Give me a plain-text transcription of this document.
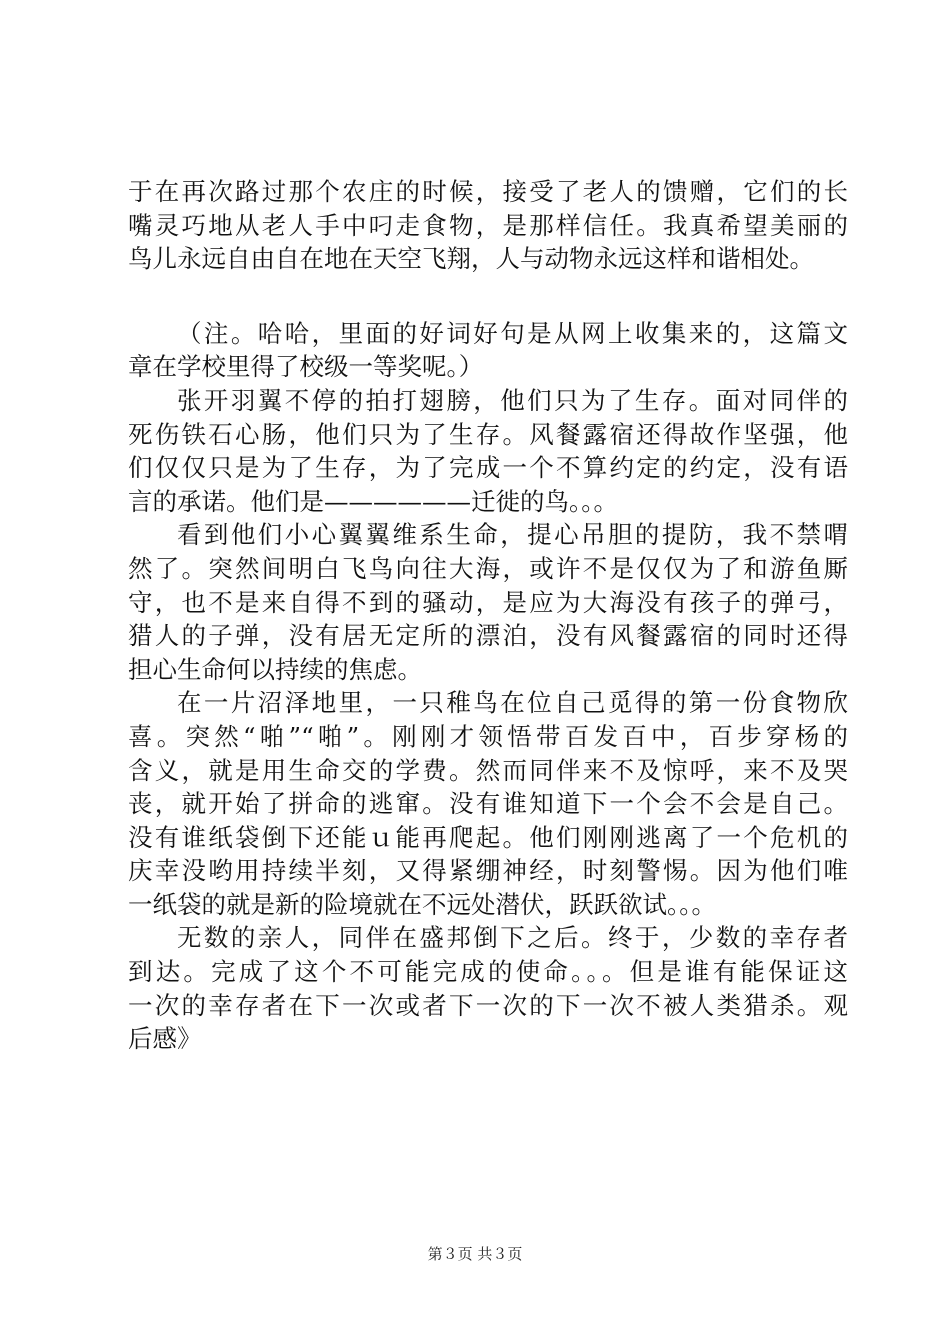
于在再次路过那个农庄的时候，接受了老人的馈赠，它们的长
嘴灵巧地从老人手中叼走食物，是那样信任。我真希望美丽的
鸟儿永远自由自在地在天空飞翔，人与动物永远这样和谐相处。
（注。哈哈，里面的好词好句是从网上收集来的，这篇文
章在学校里得了校级一等奖呢。）
张开羽翼不停的拍打翅膀，他们只为了生存。面对同伴的
死伤铁石心肠，他们只为了生存。风餐露宿还得故作坚强，他
们仅仅只是为了生存，为了完成一个不算约定的约定，没有语
言的承诺。他们是——————迁徙的鸟。。。
看到他们小心翼翼维系生命，提心吊胆的提防，我不禁喟
然了。突然间明白飞鸟向往大海，或许不是仅仅为了和游鱼厮
守，也不是来自得不到的骚动，是应为大海没有孩子的弹弓，
猎人的子弹，没有居无定所的漂泊，没有风餐露宿的同时还得
担心生命何以持续的焦虑。
在一片沼泽地里，一只稚鸟在位自己觅得的第一份食物欣
喜。突然“啪”“啪”。刚刚才领悟带百发百中，百步穿杨的
含义，就是用生命交的学费。然而同伴来不及惊呼，来不及哭
丧，就开始了拼命的逃窜。没有谁知道下一个会不会是自己。
没有谁纸袋倒下还能ｕ能再爬起。他们刚刚逃离了一个危机的
庆幸没哟用持续半刻，又得紧绷神经，时刻警惕。因为他们唯
一纸袋的就是新的险境就在不远处潜伏，跃跃欲试。。。
无数的亲人，同伴在盛邦倒下之后。终于，少数的幸存者
到达。完成了这个不可能完成的使命。。。但是谁有能保证这
一次的幸存者在下一次或者下一次的下一次不被人类猎杀。观
后感》
第３页 共３页
